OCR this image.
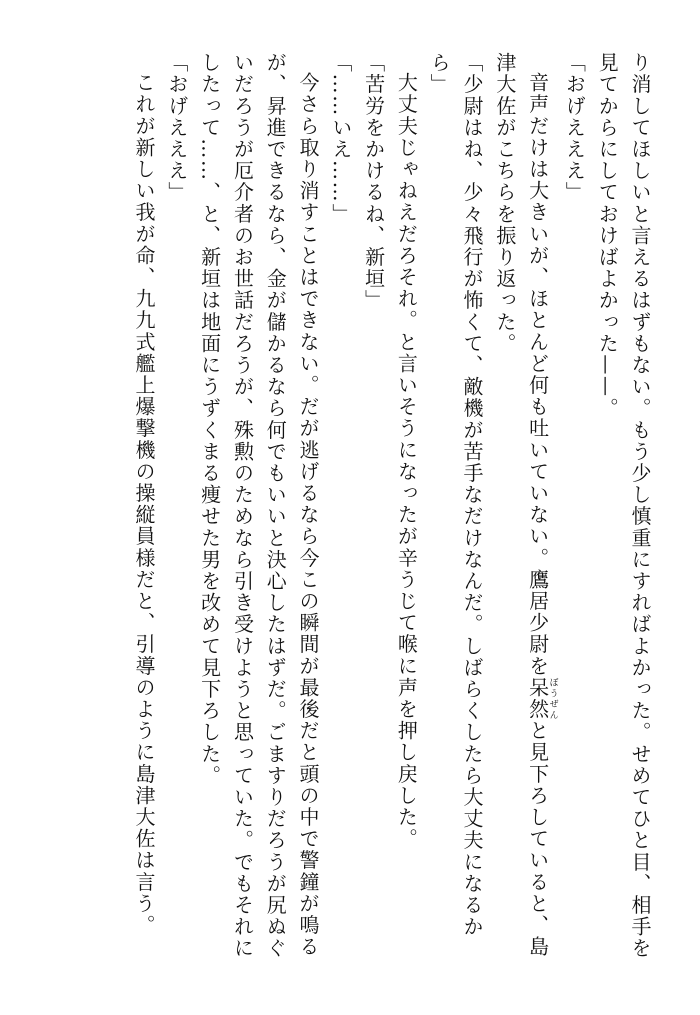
り消してほしいと言えるはずもない。もう少し慎重にすればよかった。せめてひと目、相手を
見てからにしておけばよかった——。
「おげえええ」
音声だけは大きいが、ほとんど何も吐いていない。鷹居少尉を呆然ぼうぜんと見下ろしていると、島
津大佐がこちらを振り返った。
「少尉はね、少々飛行が怖くて、敵機が苦手なだけなんだ。しばらくしたら大丈夫になるか
ら」
大丈夫じゃねえだろそれ。と言いそうになったが辛うじて喉に声を押し戻した。
「苦労をかけるね、新垣」
「……いえ……」
今さら取り消すことはできない。だが逃げるなら今この瞬間が最後だと頭の中で警鐘が鳴る
が、昇進できるなら、金が儲かるなら何でもいいと決心したはずだ。ごますりだろうが尻ぬぐ
いだろうが厄介者のお世話だろうが、殊勲のためなら引き受けようと思っていた。でもそれに
したって……、と、新垣は地面にうずくまる痩せた男を改めて見下ろした。
「おげえええ」
これが新しい我が命、九九式艦上爆撃機の操縦員様だと、引導のように島津大佐は言う。
